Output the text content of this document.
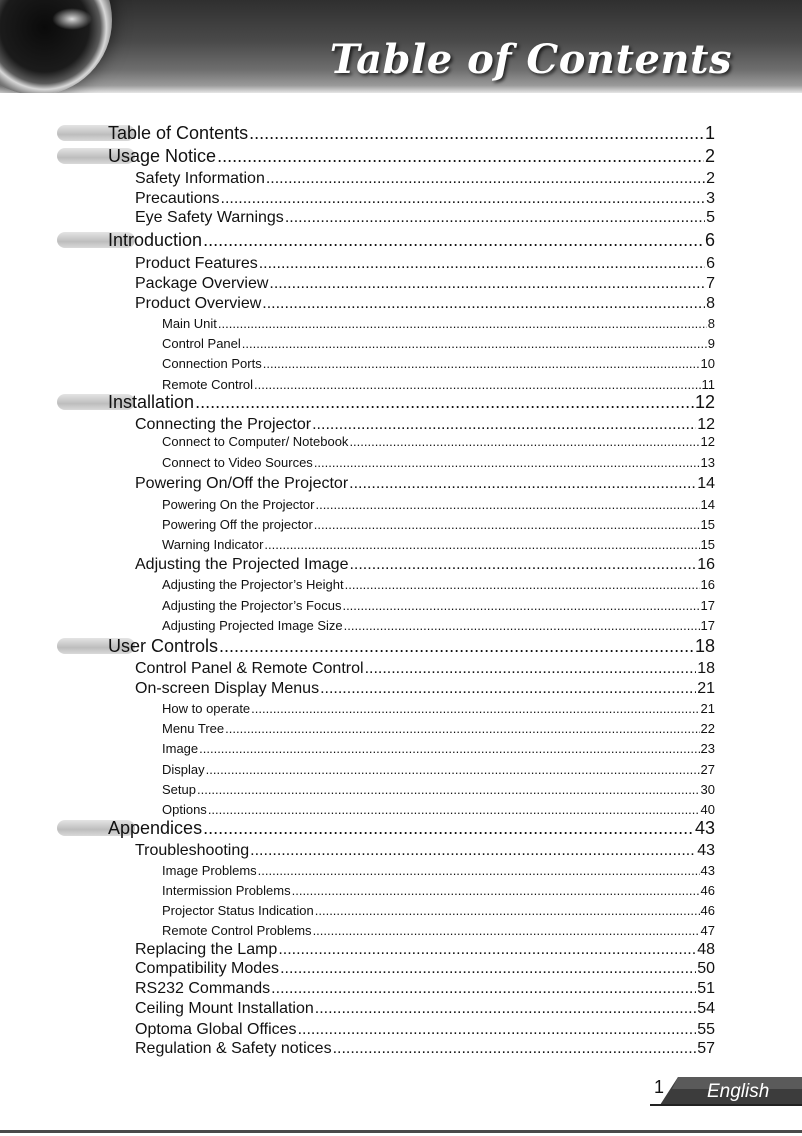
Table of Contents
Table of Contents .....	1
Usage Notice .....	2
Safety Information .....	2
Precautions .....	3
Eye Safety Warnings .....	5
Introduction .....	6
Product Features .....	6
Package Overview .....	7
Product Overview .....	8
Main Unit .....	8
Control Panel .....	9
Connection Ports .....	10
Remote Control .....	11
Installation .....	12
Connecting the Projector .....	12
Connect to Computer/ Notebook .....	12
Connect to Video Sources .....	13
Powering On/Off the Projector .....	14
Powering On the Projector .....	14
Powering Off the projector .....	15
Warning Indicator .....	15
Adjusting the Projected Image .....	16
Adjusting the Projector’s Height .....	16
Adjusting the Projector’s Focus .....	17
Adjusting Projected Image Size .....	17
User Controls .....	18
Control Panel & Remote Control .....	18
On-screen Display Menus .....	21
How to operate .....	21
Menu Tree .....	22
Image .....	23
Display .....	27
Setup .....	30
Options .....	40
Appendices .....	43
Troubleshooting .....	43
Image Problems .....	43
Intermission Problems .....	46
Projector Status Indication .....	46
Remote Control Problems .....	47
Replacing the Lamp .....	48
Compatibility Modes .....	50
RS232 Commands .....	51
Ceiling Mount Installation .....	54
Optoma Global Offices .....	55
Regulation & Safety notices .....	57
1 English
